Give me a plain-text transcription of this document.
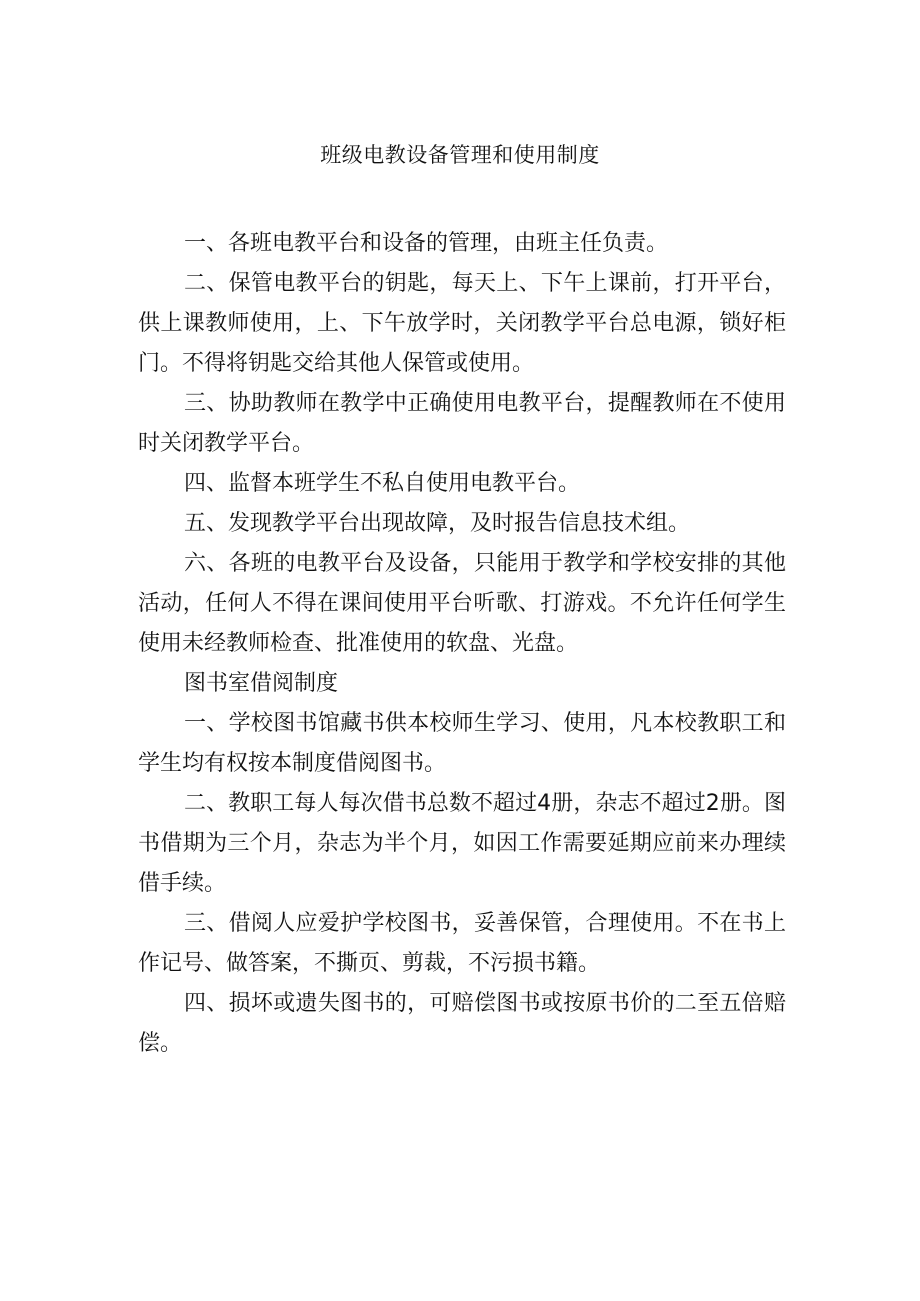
班级电教设备管理和使用制度

一、各班电教平台和设备的管理，由班主任负责。

二、保管电教平台的钥匙，每天上、下午上课前，打开平台，供上课教师使用，上、下午放学时，关闭教学平台总电源，锁好柜门。不得将钥匙交给其他人保管或使用。

三、协助教师在教学中正确使用电教平台，提醒教师在不使用时关闭教学平台。

四、监督本班学生不私自使用电教平台。

五、发现教学平台出现故障，及时报告信息技术组。

六、各班的电教平台及设备，只能用于教学和学校安排的其他活动，任何人不得在课间使用平台听歌、打游戏。不允许任何学生使用未经教师检查、批准使用的软盘、光盘。

图书室借阅制度

一、学校图书馆藏书供本校师生学习、使用，凡本校教职工和学生均有权按本制度借阅图书。

二、教职工每人每次借书总数不超过4册，杂志不超过2册。图书借期为三个月，杂志为半个月，如因工作需要延期应前来办理续借手续。

三、借阅人应爱护学校图书，妥善保管，合理使用。不在书上作记号、做答案，不撕页、剪裁，不污损书籍。

四、损坏或遗失图书的，可赔偿图书或按原书价的二至五倍赔偿。
